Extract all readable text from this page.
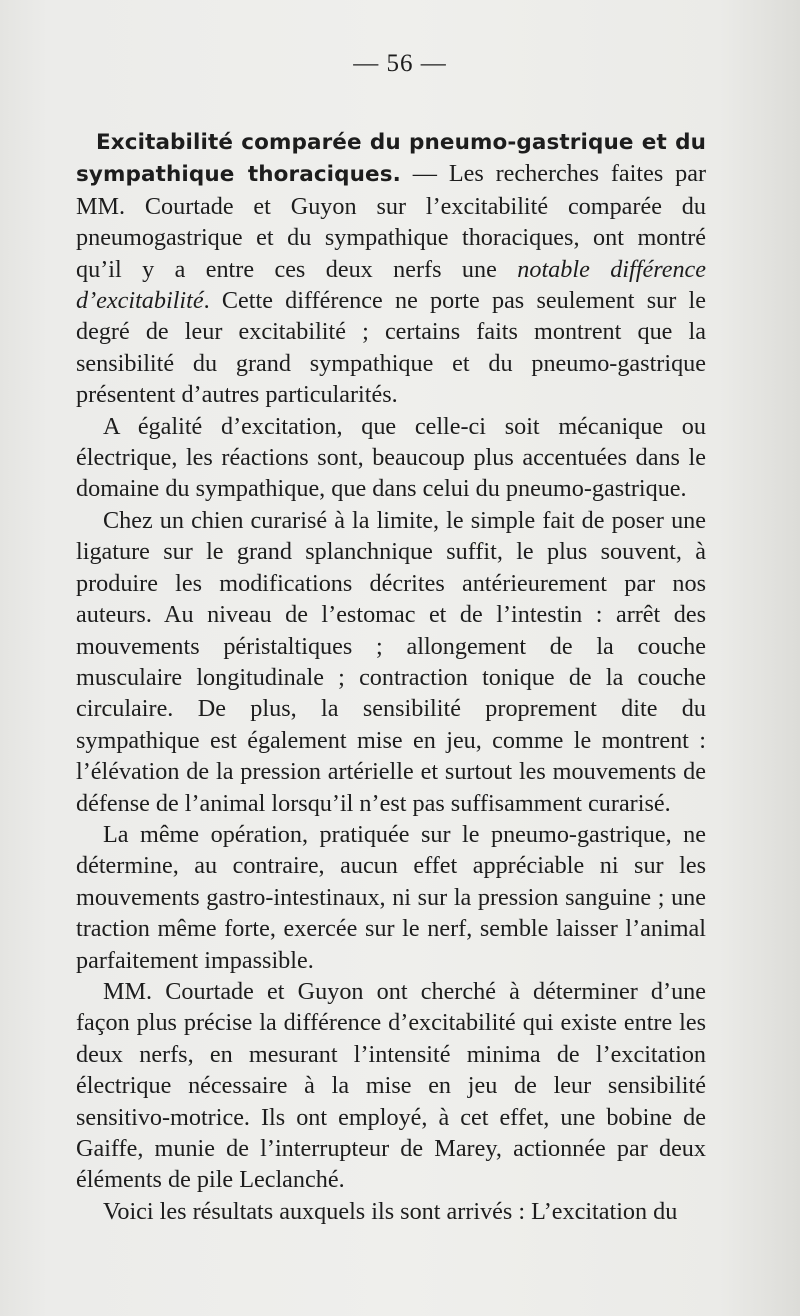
— 56 —

Excitabilité comparée du pneumo-gastrique et du sympathique thoraciques. — Les recherches faites par MM. Courtade et Guyon sur l’excitabilité comparée du pneumogastrique et du sympathique thoraciques, ont montré qu’il y a entre ces deux nerfs une notable différence d’excitabilité. Cette différence ne porte pas seulement sur le degré de leur excitabilité ; certains faits montrent que la sensibilité du grand sympathique et du pneumo-gastrique présentent d’autres particularités.

A égalité d’excitation, que celle-ci soit mécanique ou électrique, les réactions sont, beaucoup plus accentuées dans le domaine du sympathique, que dans celui du pneumo-gastrique.

Chez un chien curarisé à la limite, le simple fait de poser une ligature sur le grand splanchnique suffit, le plus souvent, à produire les modifications décrites antérieurement par nos auteurs. Au niveau de l’estomac et de l’intestin : arrêt des mouvements péristaltiques ; allongement de la couche musculaire longitudinale ; contraction tonique de la couche circulaire. De plus, la sensibilité proprement dite du sympathique est également mise en jeu, comme le montrent : l’élévation de la pression artérielle et surtout les mouvements de défense de l’animal lorsqu’il n’est pas suffisamment curarisé.

La même opération, pratiquée sur le pneumo-gastrique, ne détermine, au contraire, aucun effet appréciable ni sur les mouvements gastro-intestinaux, ni sur la pression sanguine ; une traction même forte, exercée sur le nerf, semble laisser l’animal parfaitement impassible.

MM. Courtade et Guyon ont cherché à déterminer d’une façon plus précise la différence d’excitabilité qui existe entre les deux nerfs, en mesurant l’intensité minima de l’excitation électrique nécessaire à la mise en jeu de leur sensibilité sensitivo-motrice. Ils ont employé, à cet effet, une bobine de Gaiffe, munie de l’interrupteur de Marey, actionnée par deux éléments de pile Leclanché.

Voici les résultats auxquels ils sont arrivés : L’excitation du
